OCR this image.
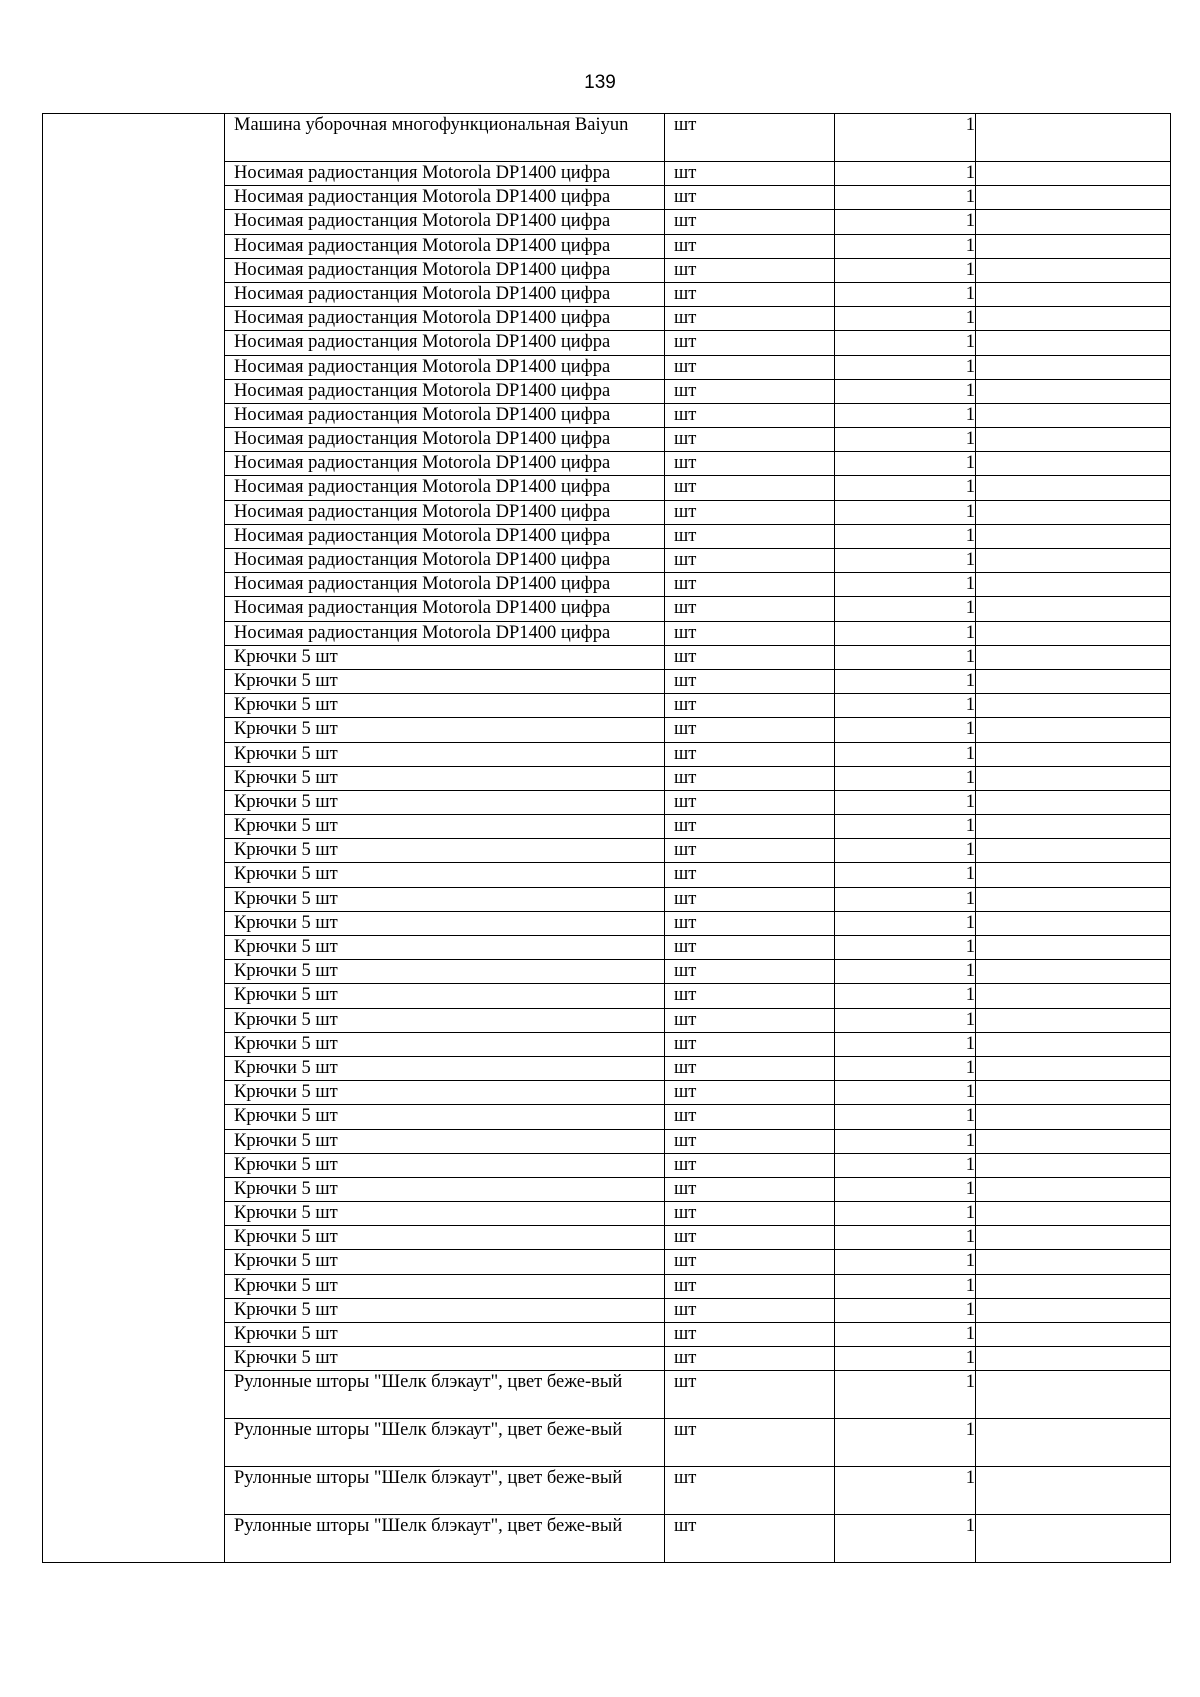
139
	Машина уборочная многофункциональная Baiyun	шт	1	
	Носимая радиостанция Motorola DP1400 цифра	шт	1	
	Носимая радиостанция Motorola DP1400 цифра	шт	1	
	Носимая радиостанция Motorola DP1400 цифра	шт	1	
	Носимая радиостанция Motorola DP1400 цифра	шт	1	
	Носимая радиостанция Motorola DP1400 цифра	шт	1	
	Носимая радиостанция Motorola DP1400 цифра	шт	1	
	Носимая радиостанция Motorola DP1400 цифра	шт	1	
	Носимая радиостанция Motorola DP1400 цифра	шт	1	
	Носимая радиостанция Motorola DP1400 цифра	шт	1	
	Носимая радиостанция Motorola DP1400 цифра	шт	1	
	Носимая радиостанция Motorola DP1400 цифра	шт	1	
	Носимая радиостанция Motorola DP1400 цифра	шт	1	
	Носимая радиостанция Motorola DP1400 цифра	шт	1	
	Носимая радиостанция Motorola DP1400 цифра	шт	1	
	Носимая радиостанция Motorola DP1400 цифра	шт	1	
	Носимая радиостанция Motorola DP1400 цифра	шт	1	
	Носимая радиостанция Motorola DP1400 цифра	шт	1	
	Носимая радиостанция Motorola DP1400 цифра	шт	1	
	Носимая радиостанция Motorola DP1400 цифра	шт	1	
	Носимая радиостанция Motorola DP1400 цифра	шт	1	
	Крючки 5 шт	шт	1	
	Крючки 5 шт	шт	1	
	Крючки 5 шт	шт	1	
	Крючки 5 шт	шт	1	
	Крючки 5 шт	шт	1	
	Крючки 5 шт	шт	1	
	Крючки 5 шт	шт	1	
	Крючки 5 шт	шт	1	
	Крючки 5 шт	шт	1	
	Крючки 5 шт	шт	1	
	Крючки 5 шт	шт	1	
	Крючки 5 шт	шт	1	
	Крючки 5 шт	шт	1	
	Крючки 5 шт	шт	1	
	Крючки 5 шт	шт	1	
	Крючки 5 шт	шт	1	
	Крючки 5 шт	шт	1	
	Крючки 5 шт	шт	1	
	Крючки 5 шт	шт	1	
	Крючки 5 шт	шт	1	
	Крючки 5 шт	шт	1	
	Крючки 5 шт	шт	1	
	Крючки 5 шт	шт	1	
	Крючки 5 шт	шт	1	
	Крючки 5 шт	шт	1	
	Крючки 5 шт	шт	1	
	Крючки 5 шт	шт	1	
	Крючки 5 шт	шт	1	
	Крючки 5 шт	шт	1	
	Крючки 5 шт	шт	1	
	Рулонные шторы "Шелк блэкаут", цвет беже-вый	шт	1	
	Рулонные шторы "Шелк блэкаут", цвет беже-вый	шт	1	
	Рулонные шторы "Шелк блэкаут", цвет беже-вый	шт	1	
	Рулонные шторы "Шелк блэкаут", цвет беже-вый	шт	1	
